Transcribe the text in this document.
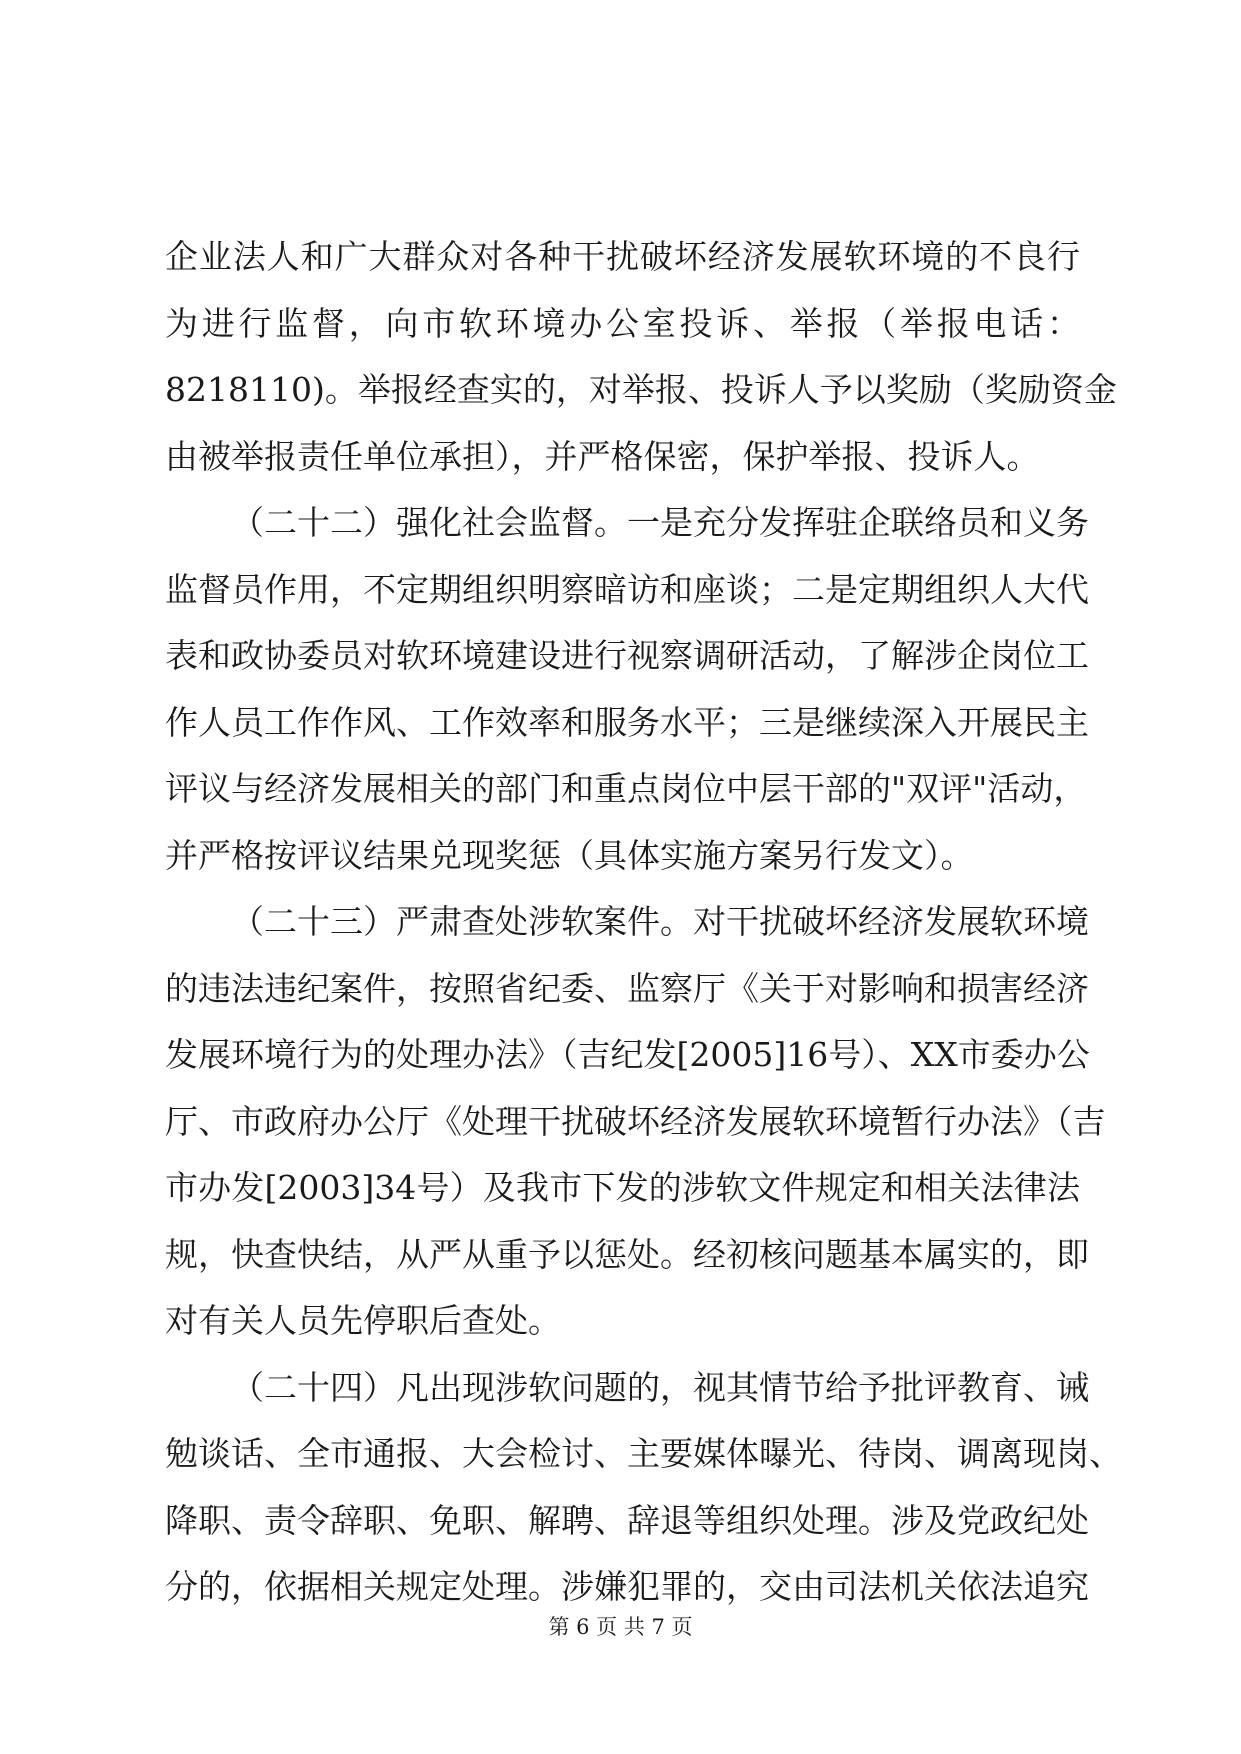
企业法人和广大群众对各种干扰破坏经济发展软环境的不良行
为进行监督，向市软环境办公室投诉、举报（举报电话：
8218110)。举报经查实的，对举报、投诉人予以奖励（奖励资金
由被举报责任单位承担），并严格保密，保护举报、投诉人。
（二十二）强化社会监督。一是充分发挥驻企联络员和义务
监督员作用，不定期组织明察暗访和座谈；二是定期组织人大代
表和政协委员对软环境建设进行视察调研活动，了解涉企岗位工
作人员工作作风、工作效率和服务水平；三是继续深入开展民主
评议与经济发展相关的部门和重点岗位中层干部的"双评"活动，
并严格按评议结果兑现奖惩（具体实施方案另行发文）。
（二十三）严肃查处涉软案件。对干扰破坏经济发展软环境
的违法违纪案件，按照省纪委、监察厅《关于对影响和损害经济
发展环境行为的处理办法》（吉纪发[2005]16号）、XX市委办公
厅、市政府办公厅《处理干扰破坏经济发展软环境暂行办法》（吉
市办发[2003]34号）及我市下发的涉软文件规定和相关法律法
规，快查快结，从严从重予以惩处。经初核问题基本属实的，即
对有关人员先停职后查处。
（二十四）凡出现涉软问题的，视其情节给予批评教育、诫
勉谈话、全市通报、大会检讨、主要媒体曝光、待岗、调离现岗、
降职、责令辞职、免职、解聘、辞退等组织处理。涉及党政纪处
分的，依据相关规定处理。涉嫌犯罪的，交由司法机关依法追究
第 6 页 共 7 页
